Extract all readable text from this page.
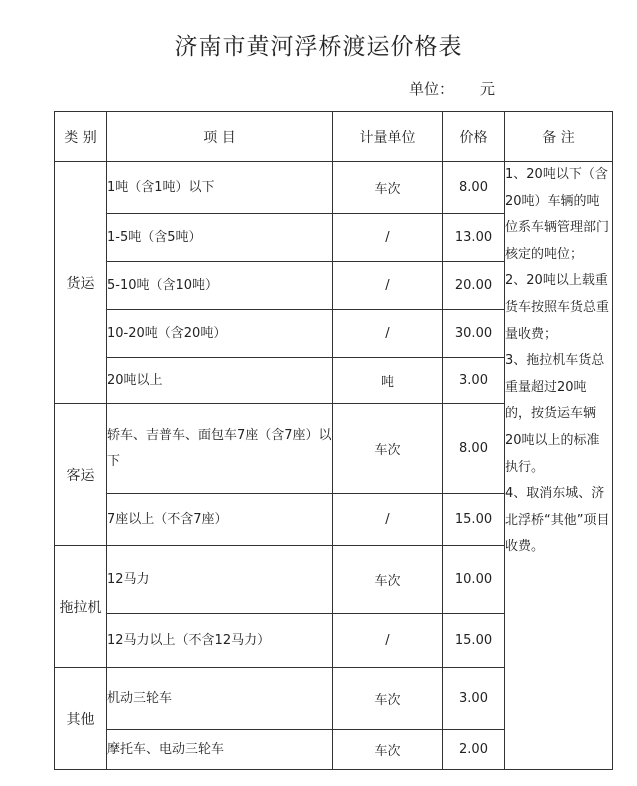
济南市黄河浮桥渡运价格表
单位： 元
类 别	项 目	计量单位	价格	备 注
货运	1吨（含1吨）以下	车次	8.00	1、20吨以下（含20吨）车辆的吨位系车辆管理部门核定的吨位；

2、20吨以上载重货车按照车货总重量收费；

3、拖拉机车货总重量超过20吨的，按货运车辆20吨以上的标准执行。

4、取消东城、济北浮桥“其他”项目收费。

	1-5吨（含5吨）	/	13.00	
	5-10吨（含10吨）	/	20.00	
	10-20吨（含20吨）	/	30.00	
	20吨以上	吨	3.00	
客运	轿车、吉普车、面包车7座（含7座）以下	车次	8.00	
	7座以上（不含7座）	/	15.00	
拖拉机	12马力	车次	10.00	
	12马力以上（不含12马力）	/	15.00	
其他	机动三轮车	车次	3.00	
	摩托车、电动三轮车	车次	2.00	
